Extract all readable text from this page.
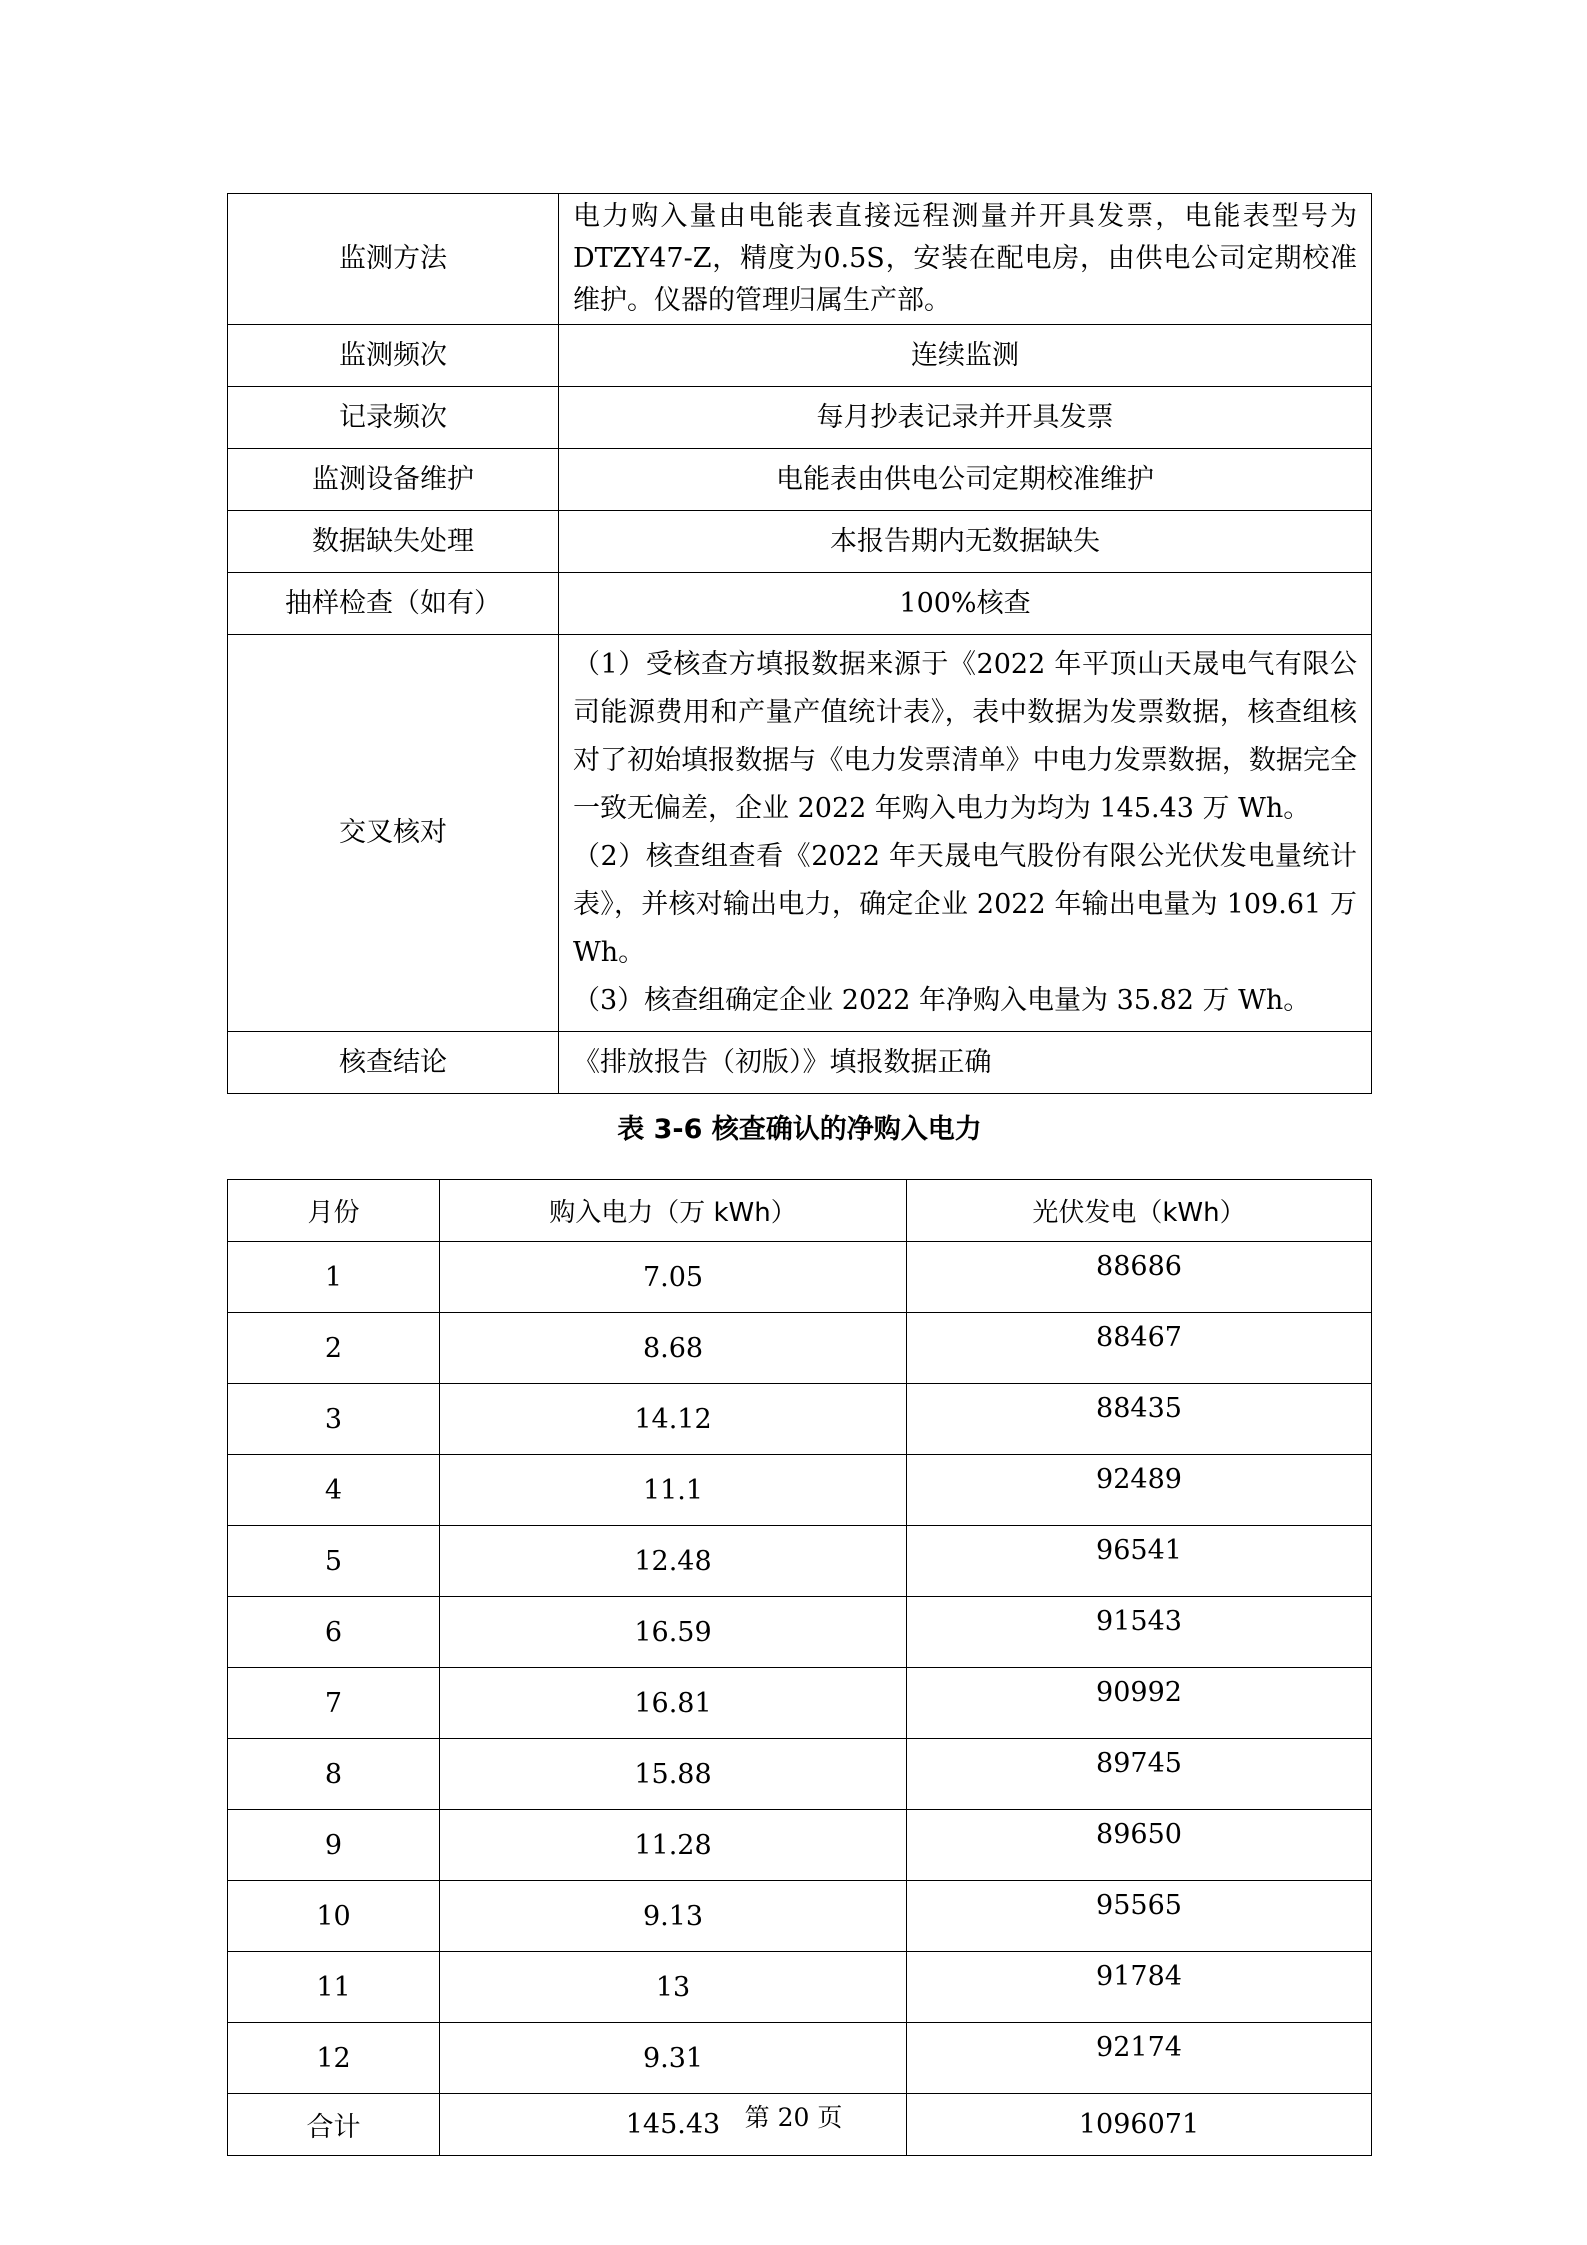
监测方法	电力购入量由电能表直接远程测量并开具发票，电能表型号为DTZY47-Z，精度为0.5S，安装在配电房，由供电公司定期校准维护。仪器的管理归属生产部。
监测频次	连续监测
记录频次	每月抄表记录并开具发票
监测设备维护	电能表由供电公司定期校准维护
数据缺失处理	本报告期内无数据缺失
抽样检查（如有）	100%核查
交叉核对	（1）受核查方填报数据来源于《2022 年平顶山天晟电气有限公司能源费用和产量产值统计表》，表中数据为发票数据，核查组核对了初始填报数据与《电力发票清单》中电力发票数据，数据完全一致无偏差，企业 2022 年购入电力为均为 145.43 万 Wh。

（2）核查组查看《2022 年天晟电气股份有限公光伏发电量统计表》，并核对输出电力，确定企业 2022 年输出电量为 109.61 万 Wh。

（3）核查组确定企业 2022 年净购入电量为 35.82 万 Wh。

核查结论	《排放报告（初版）》填报数据正确
表 3-6 核查确认的净购入电力
月份	购入电力（万 kWh）	光伏发电（kWh）
1	7.05	88686
2	8.68	88467
3	14.12	88435
4	11.1	92489
5	12.48	96541
6	16.59	91543
7	16.81	90992
8	15.88	89745
9	11.28	89650
10	9.13	95565
11	13	91784
12	9.31	92174
合计	145.43	1096071
第 20 页
